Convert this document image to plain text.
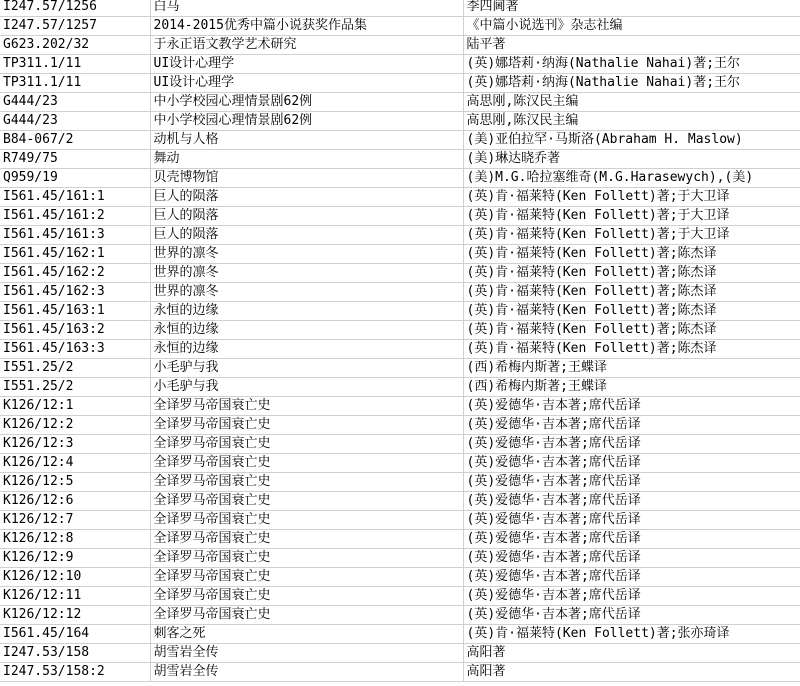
I247.57/1256	白马	李四阃著
I247.57/1257	2014-2015优秀中篇小说获奖作品集	《中篇小说选刊》杂志社编
G623.202/32	于永正语文教学艺术研究	陆平著
TP311.1/11	UI设计心理学	(英)娜塔莉·纳海(Nathalie Nahai)著;王尔
TP311.1/11	UI设计心理学	(英)娜塔莉·纳海(Nathalie Nahai)著;王尔
G444/23	中小学校园心理情景剧62例	高思刚,陈汉民主编
G444/23	中小学校园心理情景剧62例	高思刚,陈汉民主编
B84-067/2	动机与人格	(美)亚伯拉罕·马斯洛(Abraham H. Maslow)
R749/75	舞动	(美)琳达晓乔著
Q959/19	贝壳博物馆	(美)M.G.哈拉塞维奇(M.G.Harasewych),(美)
I561.45/161:1	巨人的陨落	(英)肯·福莱特(Ken Follett)著;于大卫译
I561.45/161:2	巨人的陨落	(英)肯·福莱特(Ken Follett)著;于大卫译
I561.45/161:3	巨人的陨落	(英)肯·福莱特(Ken Follett)著;于大卫译
I561.45/162:1	世界的凛冬	(英)肯·福莱特(Ken Follett)著;陈杰译
I561.45/162:2	世界的凛冬	(英)肯·福莱特(Ken Follett)著;陈杰译
I561.45/162:3	世界的凛冬	(英)肯·福莱特(Ken Follett)著;陈杰译
I561.45/163:1	永恒的边缘	(英)肯·福莱特(Ken Follett)著;陈杰译
I561.45/163:2	永恒的边缘	(英)肯·福莱特(Ken Follett)著;陈杰译
I561.45/163:3	永恒的边缘	(英)肯·福莱特(Ken Follett)著;陈杰译
I551.25/2	小毛驴与我	(西)希梅内斯著;王蝶译
I551.25/2	小毛驴与我	(西)希梅内斯著;王蝶译
K126/12:1	全译罗马帝国衰亡史	(英)爱德华·吉本著;席代岳译
K126/12:2	全译罗马帝国衰亡史	(英)爱德华·吉本著;席代岳译
K126/12:3	全译罗马帝国衰亡史	(英)爱德华·吉本著;席代岳译
K126/12:4	全译罗马帝国衰亡史	(英)爱德华·吉本著;席代岳译
K126/12:5	全译罗马帝国衰亡史	(英)爱德华·吉本著;席代岳译
K126/12:6	全译罗马帝国衰亡史	(英)爱德华·吉本著;席代岳译
K126/12:7	全译罗马帝国衰亡史	(英)爱德华·吉本著;席代岳译
K126/12:8	全译罗马帝国衰亡史	(英)爱德华·吉本著;席代岳译
K126/12:9	全译罗马帝国衰亡史	(英)爱德华·吉本著;席代岳译
K126/12:10	全译罗马帝国衰亡史	(英)爱德华·吉本著;席代岳译
K126/12:11	全译罗马帝国衰亡史	(英)爱德华·吉本著;席代岳译
K126/12:12	全译罗马帝国衰亡史	(英)爱德华·吉本著;席代岳译
I561.45/164	刺客之死	(英)肯·福莱特(Ken Follett)著;张亦琦译
I247.53/158	胡雪岩全传	高阳著
I247.53/158:2	胡雪岩全传	高阳著
